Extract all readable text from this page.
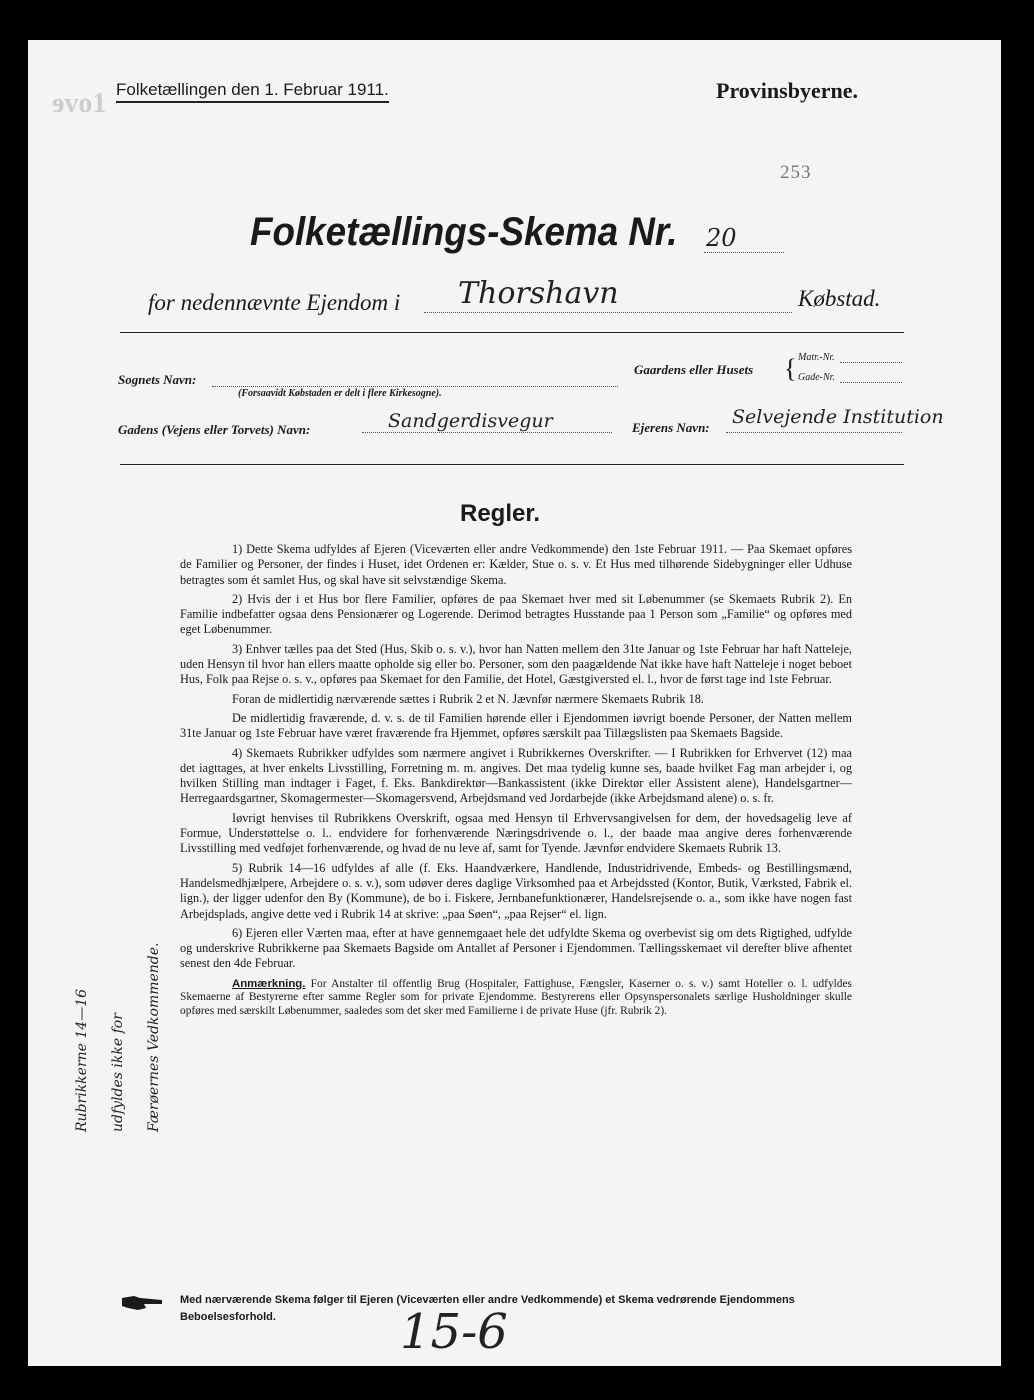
ɘvo1 Folketællingen den 1. Februar 1911.	Provinsbyerne.
253
Folketællings-Skema Nr. 20
for nedennævnte Ejendom i Thorshavn	Købstad.
Sognets Navn:
(Forsaavidt Købstaden er delt i flere Kirkesogne).
Gaardens eller Husets { Matr.-Nr.
Gade-Nr.
Gadens (Vejens eller Torvets) Navn:	Sandgerdisvegur	Ejerens Navn: Selvejende Institution
Regler.

1) Dette Skema udfyldes af Ejeren (Viceværten eller andre Vedkommende) den 1ste Februar 1911. — Paa Skemaet opføres de Familier og Personer, der findes i Huset, idet Ordenen er: Kælder, Stue o. s. v. Et Hus med tilhørende Sidebygninger eller Udhuse betragtes som ét samlet Hus, og skal have sit selvstændige Skema.

2) Hvis der i et Hus bor flere Familier, opføres de paa Skemaet hver med sit Løbenummer (se Skemaets Rubrik 2). En Familie indbefatter ogsaa dens Pensionærer og Logerende. Derimod betragtes Husstande paa 1 Person som „Familie“ og opføres med eget Løbenummer.

3) Enhver tælles paa det Sted (Hus, Skib o. s. v.), hvor han Natten mellem den 31te Januar og 1ste Februar har haft Natteleje, uden Hensyn til hvor han ellers maatte opholde sig eller bo. Personer, som den paagældende Nat ikke have haft Natteleje i noget beboet Hus, Folk paa Rejse o. s. v., opføres paa Skemaet for den Familie, det Hotel, Gæstgiversted el. l., hvor de først tage ind 1ste Februar.

Foran de midlertidig nærværende sættes i Rubrik 2 et N. Jævnfør nærmere Skemaets Rubrik 18.

De midlertidig fraværende, d. v. s. de til Familien hørende eller i Ejendommen iøvrigt boende Personer, der Natten mellem 31te Januar og 1ste Februar have været fraværende fra Hjemmet, opføres særskilt paa Tillægslisten paa Skemaets Bagside.

4) Skemaets Rubrikker udfyldes som nærmere angivet i Rubrikkernes Overskrifter. — I Rubrikken for Erhvervet (12) maa det iagttages, at hver enkelts Livsstilling, Forretning m. m. angives. Det maa tydelig kunne ses, baade hvilket Fag man arbejder i, og hvilken Stilling man indtager i Faget, f. Eks. Bankdirektør—Bankassistent (ikke Direktør eller Assistent alene), Handelsgartner—Herregaardsgartner, Skomagermester—Skomagersvend, Arbejdsmand ved Jordarbejde (ikke Arbejdsmand alene) o. s. fr.

Iøvrigt henvises til Rubrikkens Overskrift, ogsaa med Hensyn til Erhvervsangivelsen for dem, der hovedsagelig leve af Formue, Understøttelse o. l.. endvidere for forhenværende Næringsdrivende o. l., der baade maa angive deres forhenværende Livsstilling med vedføjet forhenværende, og hvad de nu leve af, samt for Tyende. Jævnfør endvidere Skemaets Rubrik 13.

5) Rubrik 14—16 udfyldes af alle (f. Eks. Haandværkere, Handlende, Industridrivende, Embeds- og Bestillingsmænd, Handelsmedhjælpere, Arbejdere o. s. v.), som udøver deres daglige Virksomhed paa et Arbejdssted (Kontor, Butik, Værksted, Fabrik el. lign.), der ligger udenfor den By (Kommune), de bo i. Fiskere, Jernbanefunktionærer, Handelsrejsende o. a., som ikke have nogen fast Arbejdsplads, angive dette ved i Rubrik 14 at skrive: „paa Søen“, „paa Rejser“ el. lign.

6) Ejeren eller Værten maa, efter at have gennemgaaet hele det udfyldte Skema og overbevist sig om dets Rigtighed, udfylde og underskrive Rubrikkerne paa Skemaets Bagside om Antallet af Personer i Ejendommen. Tællingsskemaet vil derefter blive afhentet senest den 4de Februar.

Anmærkning. For Anstalter til offentlig Brug (Hospitaler, Fattighuse, Fængsler, Kaserner o. s. v.) samt Hoteller o. l. udfyldes Skemaerne af Bestyrerne efter samme Regler som for private Ejendomme. Bestyrerens eller Opsynspersonalets særlige Husholdninger skulle opføres med særskilt Løbenummer, saaledes som det sker med Familierne i de private Huse (jfr. Rubrik 2).

Rubrikkerne 14—16	udfyldes ikke for	Færøernes Vedkommende.
Med nærværende Skema følger til Ejeren (Viceværten eller andre Vedkommende) et Skema vedrørende Ejendommens Beboelsesforhold.	15-6
